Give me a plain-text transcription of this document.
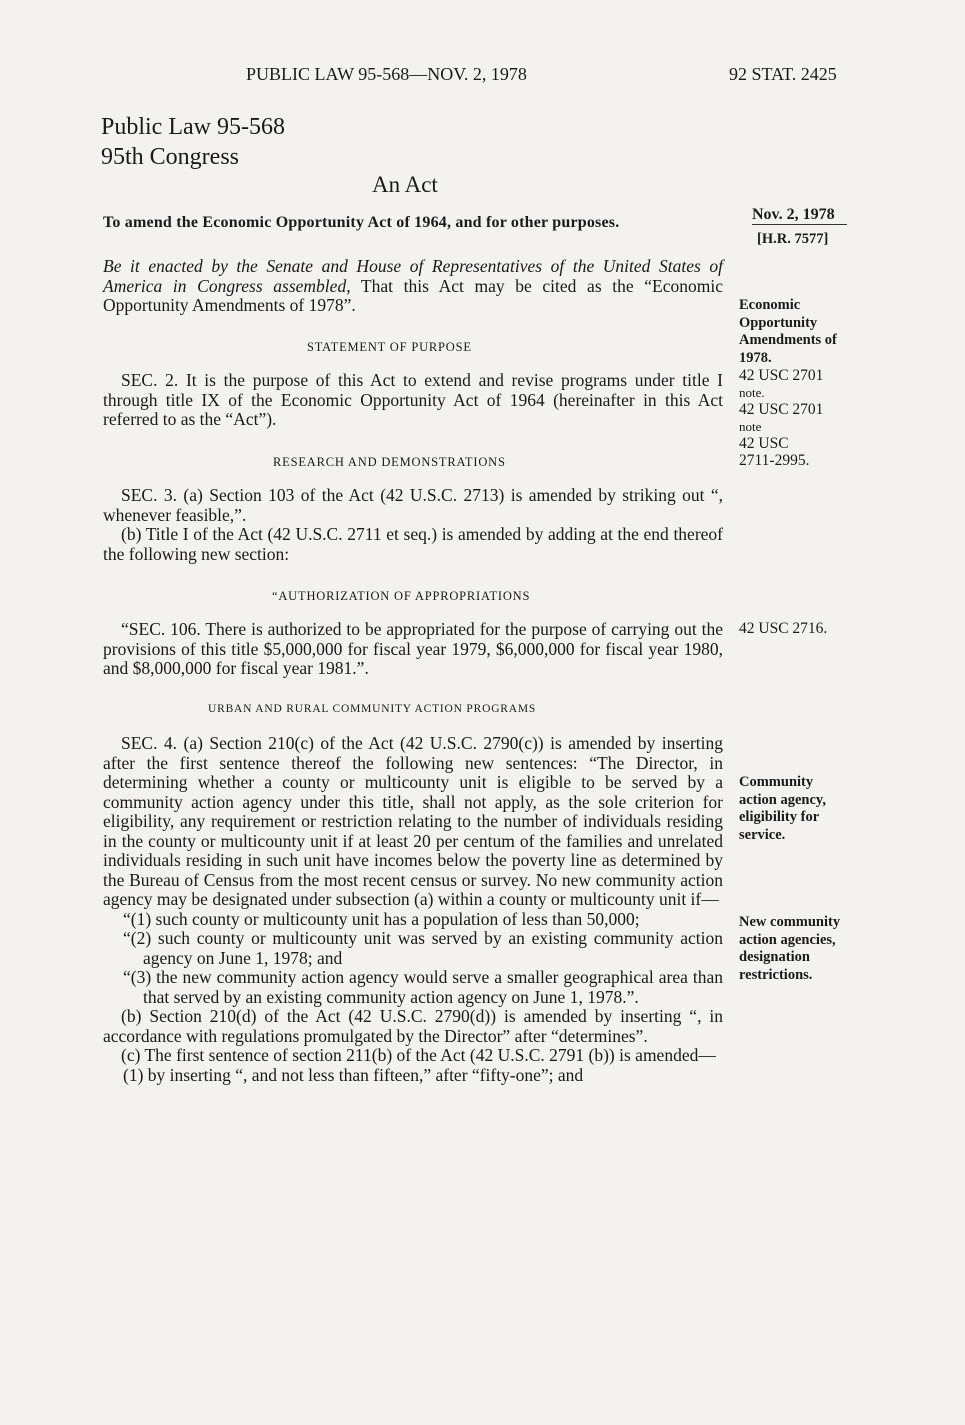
PUBLIC LAW 95-568—NOV. 2, 1978	92 STAT. 2425
Public Law 95-568
95th Congress
An Act
To amend the Economic Opportunity Act of 1964, and for other purposes.	Nov. 2, 1978
[H.R. 7577]

Be it enacted by the Senate and House of Representatives of the United States of America in Congress assembled, That this Act may be cited as the “Economic Opportunity Amendments of 1978”.

STATEMENT OF PURPOSE

SEC. 2. It is the purpose of this Act to extend and revise programs under title I through title IX of the Economic Opportunity Act of 1964 (hereinafter in this Act referred to as the “Act”).

RESEARCH AND DEMONSTRATIONS

SEC. 3. (a) Section 103 of the Act (42 U.S.C. 2713) is amended by striking out “, whenever feasible,”.

(b) Title I of the Act (42 U.S.C. 2711 et seq.) is amended by adding at the end thereof the following new section:

“AUTHORIZATION OF APPROPRIATIONS

“SEC. 106. There is authorized to be appropriated for the purpose of carrying out the provisions of this title $5,000,000 for fiscal year 1979, $6,000,000 for fiscal year 1980, and $8,000,000 for fiscal year 1981.”.

URBAN AND RURAL COMMUNITY ACTION PROGRAMS

SEC. 4. (a) Section 210(c) of the Act (42 U.S.C. 2790(c)) is amended by inserting after the first sentence thereof the following new sentences: “The Director, in determining whether a county or multicounty unit is eligible to be served by a community action agency under this title, shall not apply, as the sole criterion for eligibility, any requirement or restriction relating to the number of individuals residing in the county or multicounty unit if at least 20 per centum of the families and unrelated individuals residing in such unit have incomes below the poverty line as determined by the Bureau of Census from the most recent census or survey. No new community action agency may be designated under subsection (a) within a county or multicounty unit if—

“(1) such county or multicounty unit has a population of less than 50,000;

“(2) such county or multicounty unit was served by an existing community action agency on June 1, 1978; and

“(3) the new community action agency would serve a smaller geographical area than that served by an existing community action agency on June 1, 1978.”.

(b) Section 210(d) of the Act (42 U.S.C. 2790(d)) is amended by inserting “, in accordance with regulations promulgated by the Director” after “determines”.

(c) The first sentence of section 211(b) of the Act (42 U.S.C. 2791 (b)) is amended—

(1) by inserting “, and not less than fifteen,” after “fifty-one”; and

Economic
Opportunity
Amendments of
1978.
42 USC 2701
note.
42 USC 2701
note
42 USC
2711-2995.
42 USC 2716.
Community
action agency,
eligibility for
service.
New community
action agencies,
designation
restrictions.
